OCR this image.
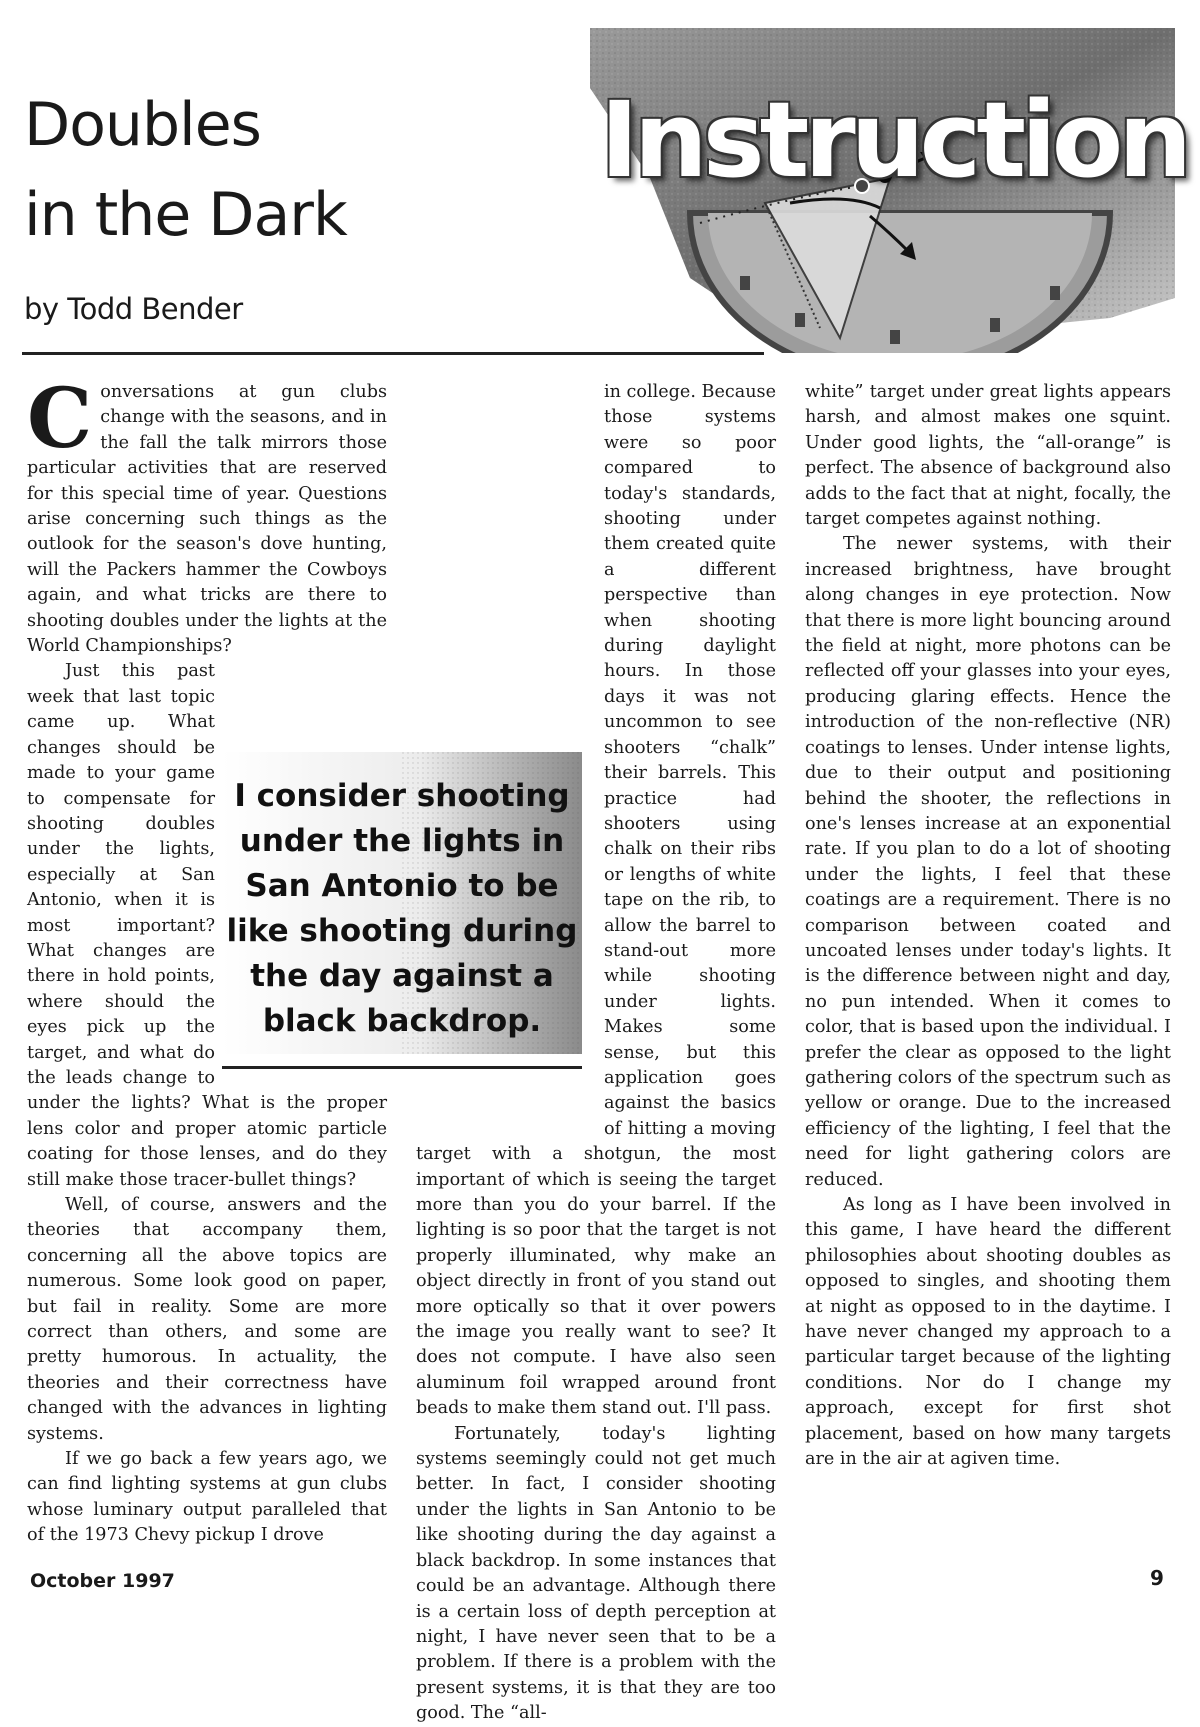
Doubles
in the Dark

by Todd Bender

Instruction

Conversations at gun clubs change with the seasons, and in the fall the talk mirrors those particular activities that are reserved for this special time of year. Questions arise concerning such things as the outlook for the season's dove hunting, will the Packers hammer the Cowboys again, and what tricks are there to shooting doubles under the lights at the World Championships?

Just this past week that last topic came up. What changes should be made to your game to compensate for shooting doubles under the lights, especially at San Antonio, when it is most important? What changes are there in hold points, where should the eyes pick up the target, and what do the leads change to under the lights? What is the proper lens color and proper atomic particle coating for those lenses, and do they still make those tracer-bullet things?

Well, of course, answers and the theories that accompany them, concerning all the above topics are numerous. Some look good on paper, but fail in reality. Some are more correct than others, and some are pretty humorous. In actuality, the theories and their correctness have changed with the advances in lighting systems.

If we go back a few years ago, we can find lighting systems at gun clubs whose luminary output paralleled that of the 1973 Chevy pickup I drove

in college. Because those systems were so poor compared to today's standards, shooting under them created quite a different perspective than when shooting during daylight hours. In those days it was not uncommon to see shooters “chalk” their barrels. This practice had shooters using chalk on their ribs or lengths of white tape on the rib, to allow the barrel to stand-out more while shooting under lights. Makes some sense, but this application goes against the basics of hitting a moving target with a shotgun, the most important of which is seeing the target more than you do your barrel. If the lighting is so poor that the target is not properly illuminated, why make an object directly in front of you stand out more optically so that it over powers the image you really want to see? It does not compute. I have also seen aluminum foil wrapped around front beads to make them stand out. I'll pass.

Fortunately, today's lighting systems seemingly could not get much better. In fact, I consider shooting under the lights in San Antonio to be like shooting during the day against a black backdrop. In some instances that could be an advantage. Although there is a certain loss of depth perception at night, I have never seen that to be a problem. If there is a problem with the present systems, it is that they are too good. The “all-

white” target under great lights appears harsh, and almost makes one squint. Under good lights, the “all-orange” is perfect. The absence of background also adds to the fact that at night, focally, the target competes against nothing.

The newer systems, with their increased brightness, have brought along changes in eye protection. Now that there is more light bouncing around the field at night, more photons can be reflected off your glasses into your eyes, producing glaring effects. Hence the introduction of the non-reflective (NR) coatings to lenses. Under intense lights, due to their output and positioning behind the shooter, the reflections in one's lenses increase at an exponential rate. If you plan to do a lot of shooting under the lights, I feel that these coatings are a requirement. There is no comparison between coated and uncoated lenses under today's lights. It is the difference between night and day, no pun intended. When it comes to color, that is based upon the individual. I prefer the clear as opposed to the light gathering colors of the spectrum such as yellow or orange. Due to the increased efficiency of the lighting, I feel that the need for light gathering colors are reduced.

As long as I have been involved in this game, I have heard the different philosophies about shooting doubles as opposed to singles, and shooting them at night as opposed to in the daytime. I have never changed my approach to a particular target because of the lighting conditions. Nor do I change my approach, except for first shot placement, based on how many targets are in the air at agiven time.

I consider shooting
under the lights in
San Antonio to be
like shooting during
the day against a
black backdrop.
October 1997	9
